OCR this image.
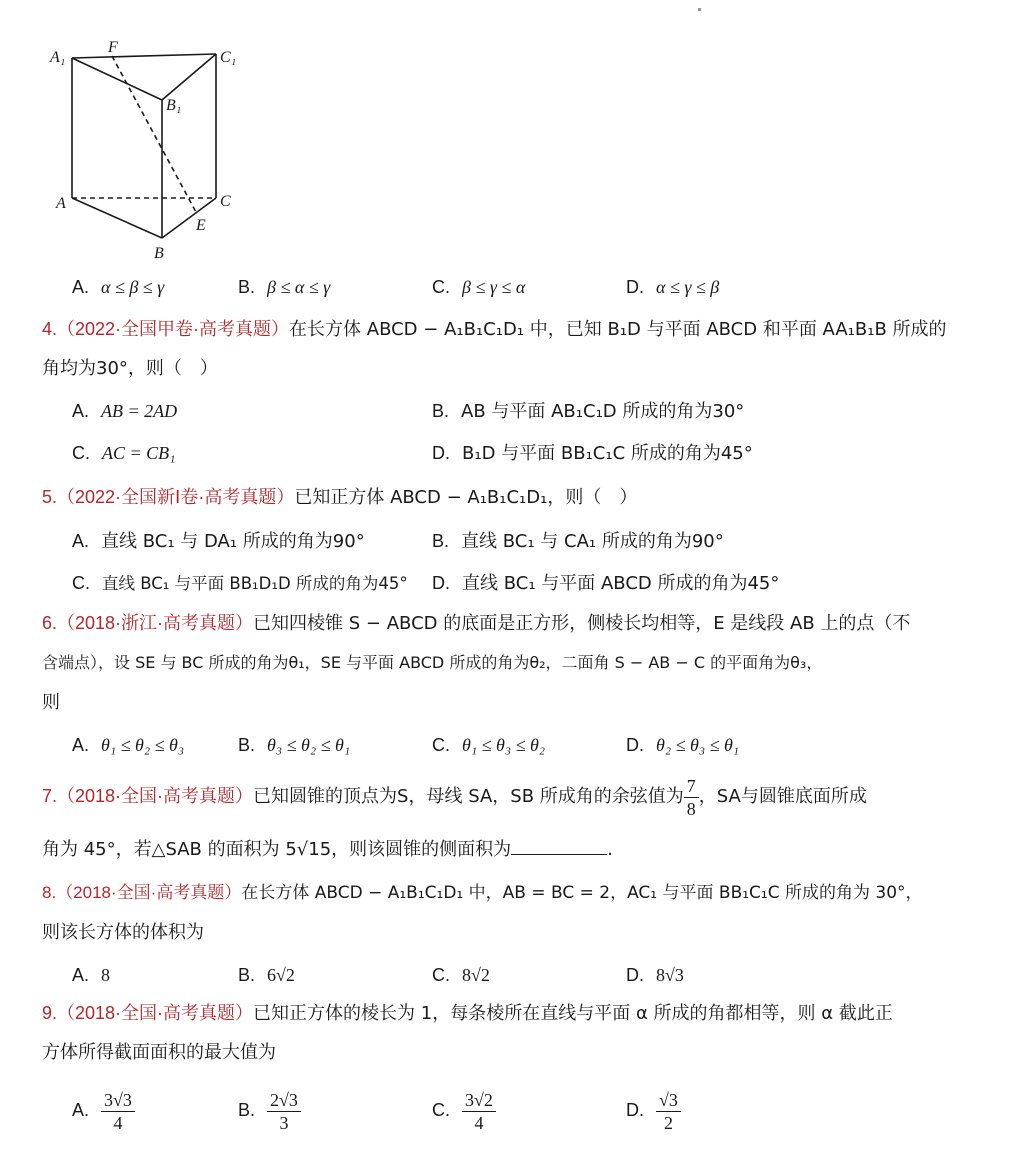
A₁
F
C₁
B₁
A	C
E
B
A. α ≤ β ≤ γ	B. β ≤ α ≤ γ	C. β ≤ γ ≤ α	D. α ≤ γ ≤ β
4.（2022·全国甲卷·高考真题）在长方体 ABCD − A₁B₁C₁D₁ 中，已知 B₁D 与平面 ABCD 和平面 AA₁B₁B 所成的
角均为30°，则（　）
A. AB = 2AD	B. AB 与平面 AB₁C₁D 所成的角为30°
C. AC = CB₁	D. B₁D 与平面 BB₁C₁C 所成的角为45°
5.（2022·全国新Ⅰ卷·高考真题）已知正方体 ABCD − A₁B₁C₁D₁，则（　）
A. 直线 BC₁ 与 DA₁ 所成的角为90°	B. 直线 BC₁ 与 CA₁ 所成的角为90°
C. 直线 BC₁ 与平面 BB₁D₁D 所成的角为45° D. 直线 BC₁ 与平面 ABCD 所成的角为45°
6.（2018·浙江·高考真题）已知四棱锥 S − ABCD 的底面是正方形，侧棱长均相等，E 是线段 AB 上的点（不
含端点），设 SE 与 BC 所成的角为θ₁，SE 与平面 ABCD 所成的角为θ₂，二面角 S − AB − C 的平面角为θ₃，
则
A. θ₁ ≤ θ₂ ≤ θ₃	B. θ₃ ≤ θ₂ ≤ θ₁	C. θ₁ ≤ θ₃ ≤ θ₂	D. θ₂ ≤ θ₃ ≤ θ₁
7.（2018·全国·高考真题）已知圆锥的顶点为S，母线 SA，SB 所成角的余弦值为 $\frac{7}{8}$ ，SA与圆锥底面所成
角为 45°，若△SAB 的面积为 5√15，则该圆锥的侧面积为	.
8.（2018·全国·高考真题）在长方体 ABCD − A₁B₁C₁D₁ 中，AB = BC = 2，AC₁ 与平面 BB₁C₁C 所成的角为 30°，
则该长方体的体积为
A. 8	B. 6√2	C. 8√2	D. 8√3
9.（2018·全国·高考真题）已知正方体的棱长为 1，每条棱所在直线与平面 α 所成的角都相等，则 α 截此正
方体所得截面面积的最大值为
A. $\frac{3√3}{4}$	B. $\frac{2√3}{3}$	C. $\frac{3√2}{4}$	D. $\frac{√3}{2}$
